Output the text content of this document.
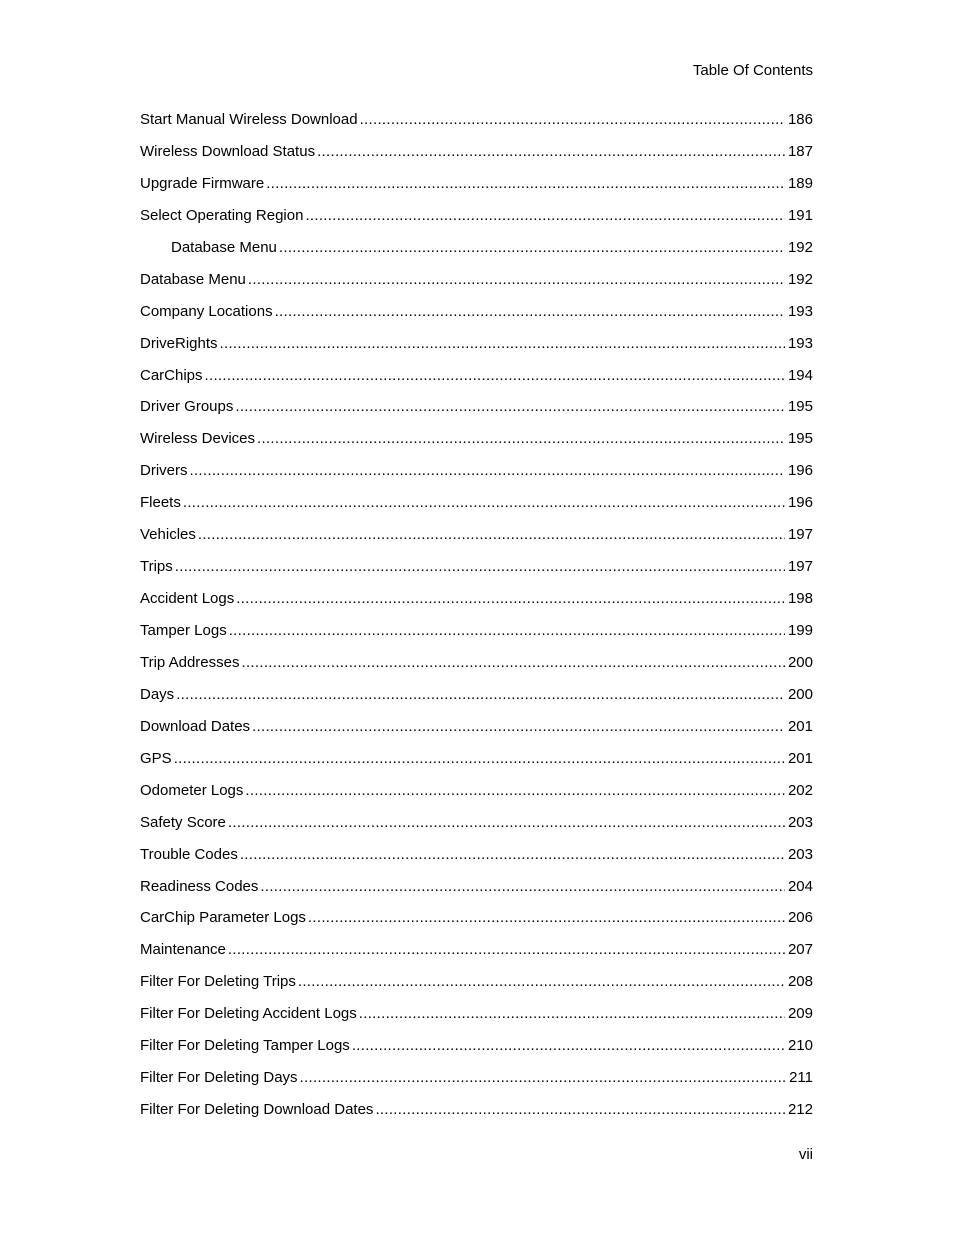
Table Of Contents
Start Manual Wireless Download .....	186
Wireless Download Status .....	187
Upgrade Firmware .....	189
Select Operating Region .....	191
Database Menu .....	192
Database Menu .....	192
Company Locations .....	193
DriveRights .....	193
CarChips .....	194
Driver Groups .....	195
Wireless Devices .....	195
Drivers .....	196
Fleets .....	196
Vehicles .....	197
Trips .....	197
Accident Logs .....	198
Tamper Logs .....	199
Trip Addresses .....	200
Days .....	200
Download Dates .....	201
GPS .....	201
Odometer Logs .....	202
Safety Score .....	203
Trouble Codes .....	203
Readiness Codes .....	204
CarChip Parameter Logs .....	206
Maintenance .....	207
Filter For Deleting Trips .....	208
Filter For Deleting Accident Logs .....	209
Filter For Deleting Tamper Logs .....	210
Filter For Deleting Days .....	211
Filter For Deleting Download Dates .....	212
vii
